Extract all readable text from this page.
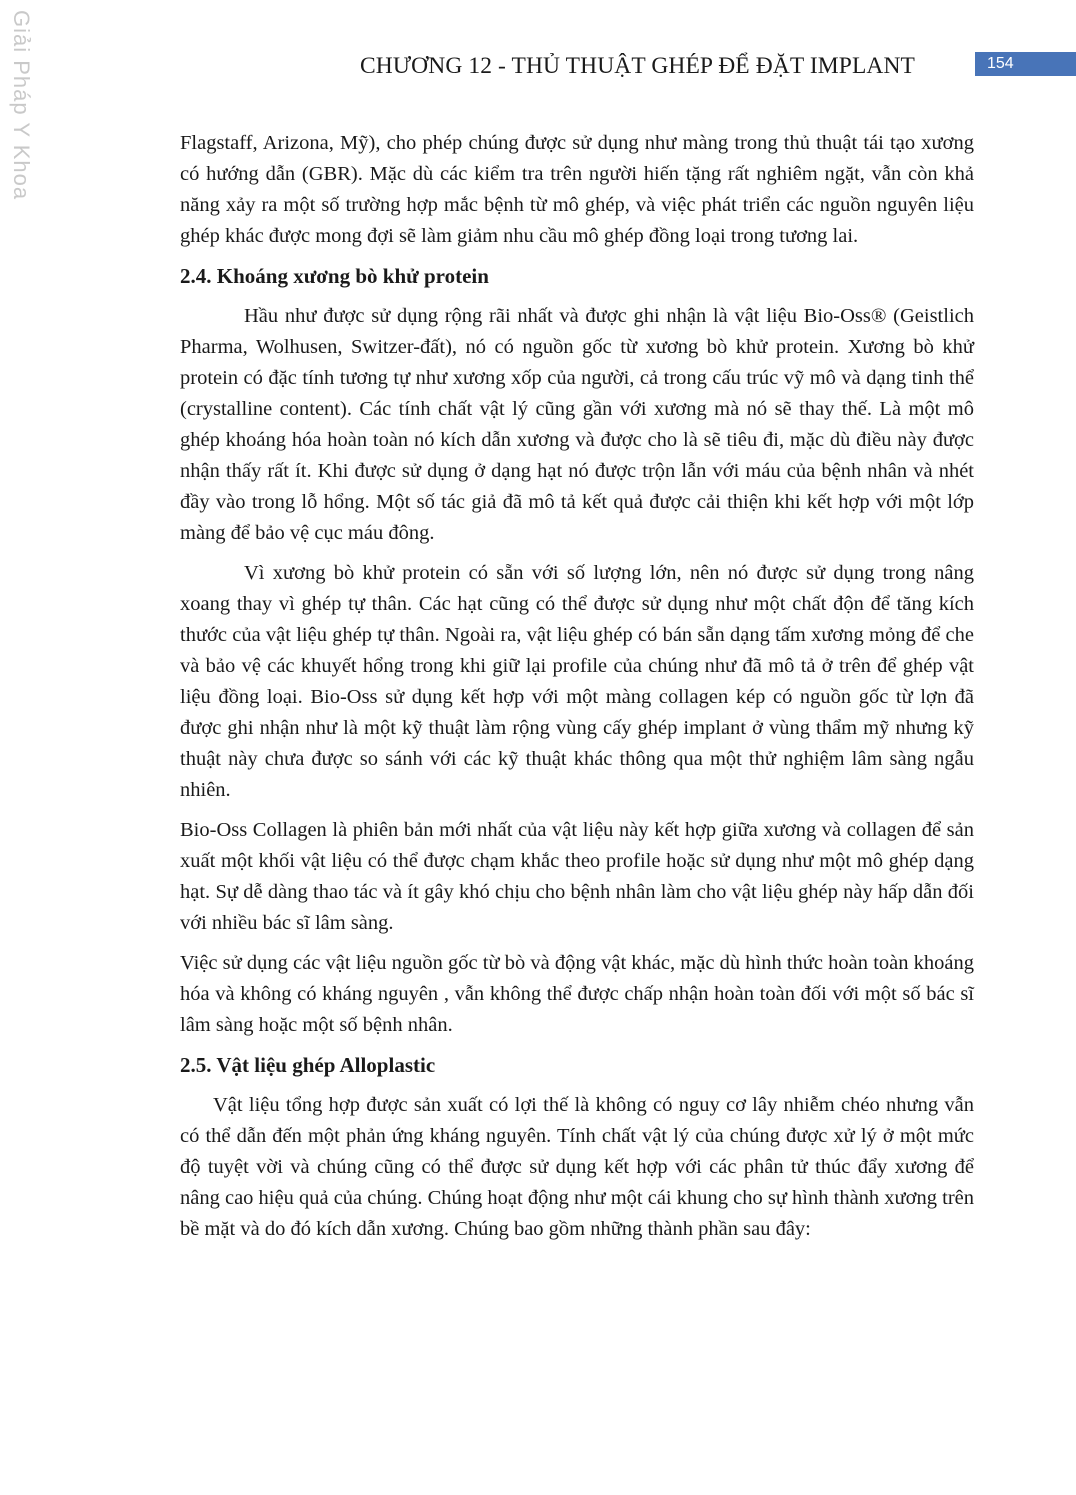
Giải Pháp Y Khoa	CHƯƠNG 12 - THỦ THUẬT GHÉP ĐỂ ĐẶT IMPLANT	154

Flagstaff, Arizona, Mỹ), cho phép chúng được sử dụng như màng trong thủ thuật tái tạo xương có hướng dẫn (GBR). Mặc dù các kiểm tra trên người hiến tặng rất nghiêm ngặt, vẫn còn khả năng xảy ra một số trường hợp mắc bệnh từ mô ghép, và việc phát triển các nguồn nguyên liệu ghép khác được mong đợi sẽ làm giảm nhu cầu mô ghép đồng loại trong tương lai.

2.4. Khoáng xương bò khử protein

Hầu như được sử dụng rộng rãi nhất và được ghi nhận là vật liệu Bio-Oss® (Geistlich Pharma, Wolhusen, Switzer-đất), nó có nguồn gốc từ xương bò khử protein. Xương bò khử protein có đặc tính tương tự như xương xốp của người, cả trong cấu trúc vỹ mô và dạng tinh thể (crystalline content). Các tính chất vật lý cũng gần với xương mà nó sẽ thay thế. Là một mô ghép khoáng hóa hoàn toàn nó kích dẫn xương và được cho là sẽ tiêu đi, mặc dù điều này được nhận thấy rất ít. Khi được sử dụng ở dạng hạt nó được trộn lẫn với máu của bệnh nhân và nhét đầy vào trong lỗ hổng. Một số tác giả đã mô tả kết quả được cải thiện khi kết hợp với một lớp màng để bảo vệ cục máu đông.

Vì xương bò khử protein có sẵn với số lượng lớn, nên nó được sử dụng trong nâng xoang thay vì ghép tự thân. Các hạt cũng có thể được sử dụng như một chất độn để tăng kích thước của vật liệu ghép tự thân. Ngoài ra, vật liệu ghép có bán sẵn dạng tấm xương mỏng để che và bảo vệ các khuyết hổng trong khi giữ lại profile của chúng như đã mô tả ở trên để ghép vật liệu đồng loại. Bio-Oss sử dụng kết hợp với một màng collagen kép có nguồn gốc từ lợn đã được ghi nhận như là một kỹ thuật làm rộng vùng cấy ghép implant ở vùng thẩm mỹ nhưng kỹ thuật này chưa được so sánh với các kỹ thuật khác thông qua một thử nghiệm lâm sàng ngẫu nhiên.

Bio-Oss Collagen là phiên bản mới nhất của vật liệu này kết hợp giữa xương và collagen để sản xuất một khối vật liệu có thể được chạm khắc theo profile hoặc sử dụng như một mô ghép dạng hạt. Sự dễ dàng thao tác và ít gây khó chịu cho bệnh nhân làm cho vật liệu ghép này hấp dẫn đối với nhiều bác sĩ lâm sàng.

Việc sử dụng các vật liệu nguồn gốc từ bò và động vật khác, mặc dù hình thức hoàn toàn khoáng hóa và không có kháng nguyên , vẫn không thể được chấp nhận hoàn toàn đối với một số bác sĩ lâm sàng hoặc một số bệnh nhân.

2.5. Vật liệu ghép Alloplastic

Vật liệu tổng hợp được sản xuất có lợi thế là không có nguy cơ lây nhiễm chéo nhưng vẫn có thể dẫn đến một phản ứng kháng nguyên. Tính chất vật lý của chúng được xử lý ở một mức độ tuyệt vời và chúng cũng có thể được sử dụng kết hợp với các phân tử thúc đẩy xương để nâng cao hiệu quả của chúng. Chúng hoạt động như một cái khung cho sự hình thành xương trên bề mặt và do đó kích dẫn xương. Chúng bao gồm những thành phần sau đây:
